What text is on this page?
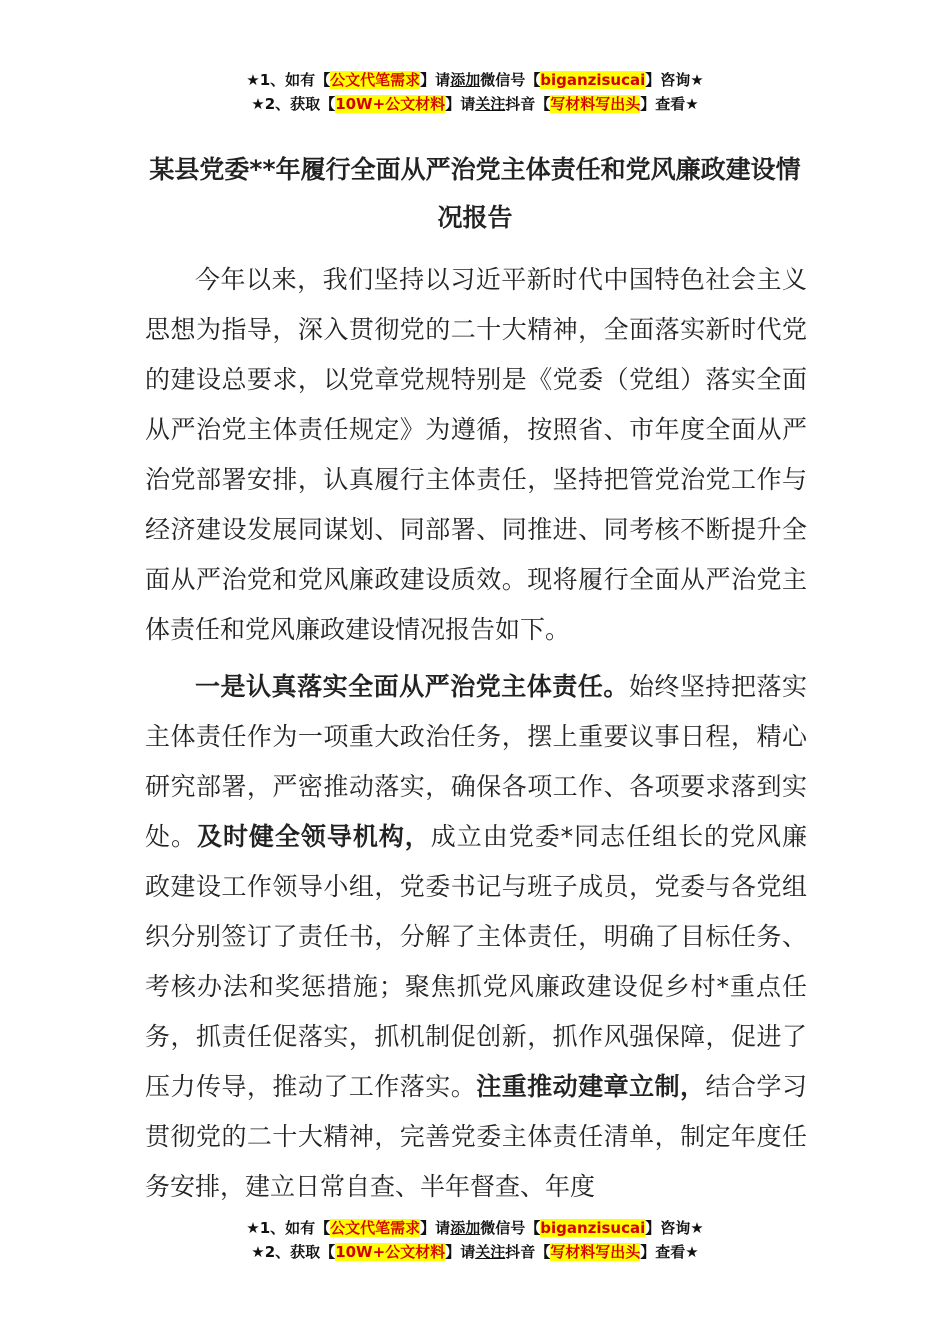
★1、如有【公文代笔需求】请添加微信号【biganzisucai】咨询★
★2、获取【10W+公文材料】请关注抖音【写材料写出头】查看★
某县党委**年履行全面从严治党主体责任和党风廉政建设情况报告

今年以来，我们坚持以习近平新时代中国特色社会主义思想为指导，深入贯彻党的二十大精神，全面落实新时代党的建设总要求，以党章党规特别是《党委（党组）落实全面从严治党主体责任规定》为遵循，按照省、市年度全面从严治党部署安排，认真履行主体责任，坚持把管党治党工作与经济建设发展同谋划、同部署、同推进、同考核不断提升全面从严治党和党风廉政建设质效。现将履行全面从严治党主体责任和党风廉政建设情况报告如下。

一是认真落实全面从严治党主体责任。始终坚持把落实主体责任作为一项重大政治任务，摆上重要议事日程，精心研究部署，严密推动落实，确保各项工作、各项要求落到实处。及时健全领导机构，成立由党委*同志任组长的党风廉政建设工作领导小组，党委书记与班子成员，党委与各党组织分别签订了责任书，分解了主体责任，明确了目标任务、考核办法和奖惩措施；聚焦抓党风廉政建设促乡村*重点任务，抓责任促落实，抓机制促创新，抓作风强保障，促进了压力传导，推动了工作落实。注重推动建章立制，结合学习贯彻党的二十大精神，完善党委主体责任清单，制定年度任务安排，建立日常自查、半年督查、年度

★1、如有【公文代笔需求】请添加微信号【biganzisucai】咨询★
★2、获取【10W+公文材料】请关注抖音【写材料写出头】查看★
